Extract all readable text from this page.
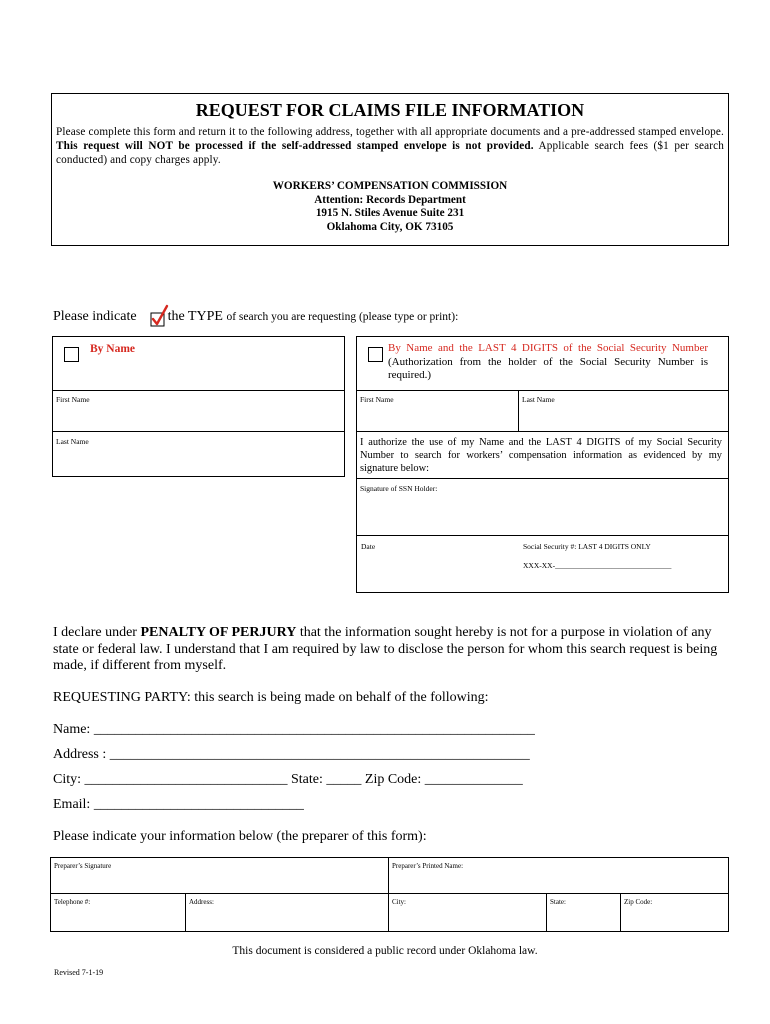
REQUEST FOR CLAIMS FILE INFORMATION
Please complete this form and return it to the following address, together with all appropriate documents and a pre-addressed stamped envelope. This request will NOT be processed if the self-addressed stamped envelope is not provided. Applicable search fees ($1 per search conducted) and copy charges apply.
WORKERS’ COMPENSATION COMMISSION
Attention: Records Department
1915 N. Stiles Avenue Suite 231
Oklahoma City, OK 73105
Please indicate the TYPE of search you are requesting (please type or print):
By Name
First Name
Last Name
By Name and the LAST 4 DIGITS of the Social Security Number (Authorization from the holder of the Social Security Number is required.)
First Name	Last Name
I authorize the use of my Name and the LAST 4 DIGITS of my Social Security Number to search for workers’ compensation information as evidenced by my signature below:
Signature of SSN Holder:
Date	Social Security #: LAST 4 DIGITS ONLY
XXX-XX-_______________________________
I declare under PENALTY OF PERJURY that the information sought hereby is not for a purpose in violation of any state or federal law. I understand that I am required by law to disclose the person for whom this search request is being made, if different from myself.
REQUESTING PARTY: this search is being made on behalf of the following:
Name: _______________________________________________________________
Address : ____________________________________________________________
City: _____________________________ State: _____ Zip Code: ______________
Email: ______________________________
Please indicate your information below (the preparer of this form):
Preparer’s Signature	Preparer’s Printed Name:
Telephone #:	Address:	City:	State:	Zip Code:
This document is considered a public record under Oklahoma law.
Revised 7-1-19
